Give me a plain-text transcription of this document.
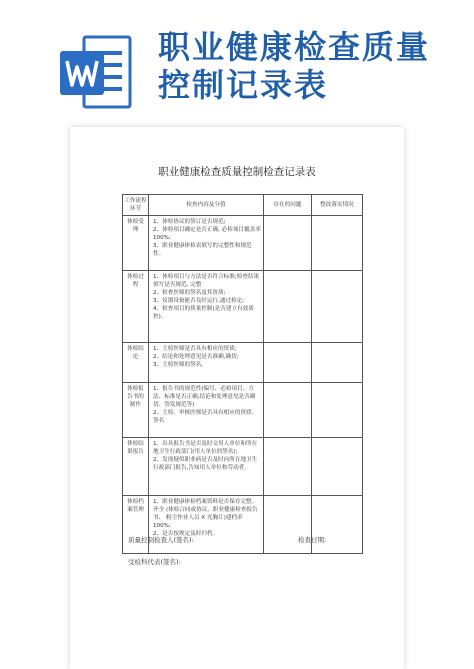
职业健康检查质量
控制记录表
职业健康检查质量控制检查记录表
工作流程环节	检查内容及分值	存在的问题	整改落实情况
体检受理	1、体检协议的签订是否规范;
2、体检项目确定是否正确, 必检项目覆盖率 100%;
3、职业健康体检表填写的完整性和规范性。		

体检过程	1、体检项目与方法是否符合标准;检查结果填写是否规范, 完整
2、检查医师的签名及其资质;
3、仪器设备能否良好运行,通过检定;
4、检查项目的质量控制(是否建立有效质控)。		

体检结论	1、主检医师是否具有相应的资质;
2、结论和处理意见是否准确,确切;
3、主检医师的签名。		

体检报告书的制作	1、报告书的规范性(编号、必检项目、方法、标准是否正确,结论和处理意见是否确切、签发规范等)
2、主检、审核医师是否具有相应的资质、签名		

体检结果报告	1、出具报告书是否及时交用人单位和所在地卫生行政部门(用人单位的签名);
2、发现疑似职业病是否及时向所在地卫生行政部门报告,告知用人单位和劳动者。		

体检档案管理	1、职业健康体检档案资料是否保存完整。齐全 (体检合同或协议、职业健康检查报告书、 粉尘作业人员 X 光胸片)建档率 100%;
2、是否按规定及时归档。		

质量控制检查人(签名):	检查日期:
受检科代表(签名):
